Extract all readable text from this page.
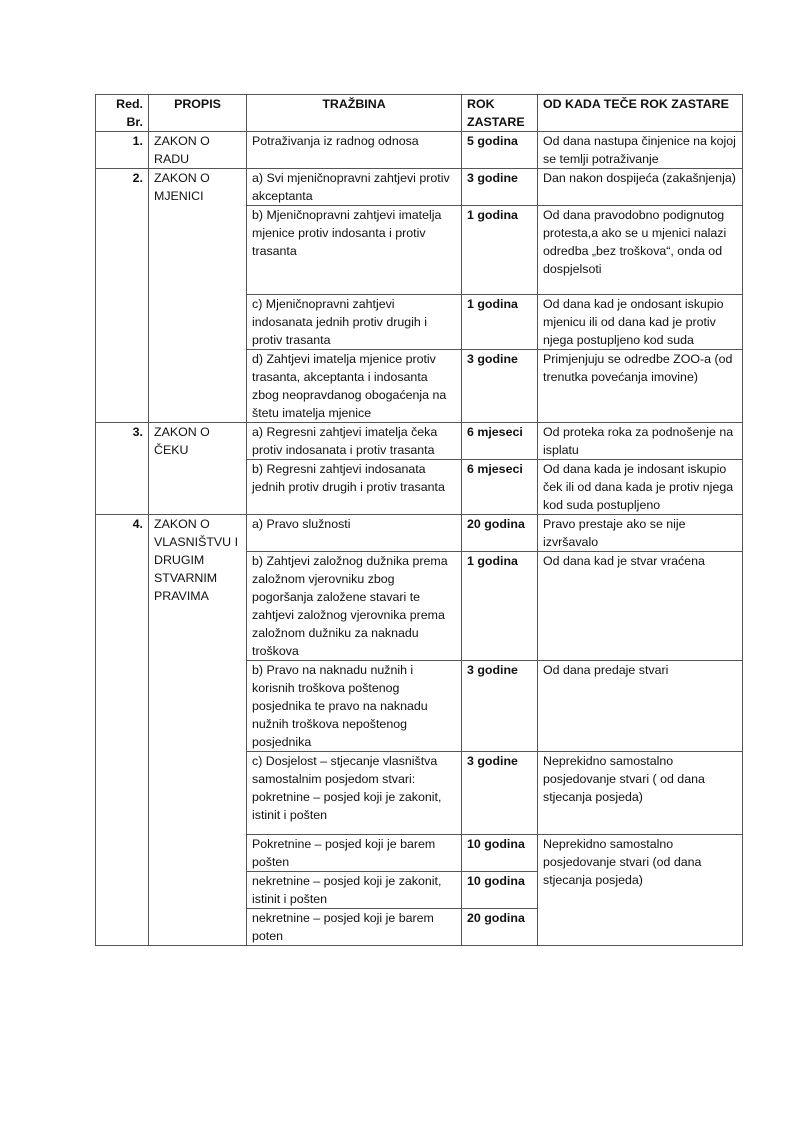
Red. Br.	PROPIS	TRAŽBINA	ROK ZASTARE	OD KADA TEČE ROK ZASTARE
1.	ZAKON O RADU	Potraživanja iz radnog odnosa	5 godina	Od dana nastupa činjenice na kojoj se temlji potraživanje
2.	ZAKON O MJENICI	a) Svi mjeničnopravni zahtjevi protiv akceptanta	3 godine	Dan nakon dospijeća (zakašnjenja)
		b) Mjeničnopravni zahtjevi imatelja mjenice protiv indosanta i protiv trasanta	1 godina	Od dana pravodobno podignutog protesta,a ako se u mjenici nalazi odredba „bez troškova“, onda od dospjelsoti
		c) Mjeničnopravni zahtjevi indosanata jednih protiv drugih i protiv trasanta	1 godina	Od dana kad je ondosant iskupio mjenicu ili od dana kad je protiv njega postupljeno kod suda
		d) Zahtjevi imatelja mjenice protiv trasanta, akceptanta i indosanta zbog neopravdanog obogaćenja na štetu imatelja mjenice	3 godine	Primjenjuju se odredbe ZOO-a (od trenutka povećanja imovine)
3.	ZAKON O ČEKU	a) Regresni zahtjevi imatelja čeka protiv indosanata i protiv trasanta	6 mjeseci	Od proteka roka za podnošenje na isplatu
		b) Regresni zahtjevi indosanata jednih protiv drugih i protiv trasanta	6 mjeseci	Od dana kada je indosant iskupio ček ili od dana kada je protiv njega kod suda postupljeno
4.	ZAKON O VLASNIŠTVU I DRUGIM STVARNIM PRAVIMA	a) Pravo služnosti	20 godina	Pravo prestaje ako se nije izvršavalo
		b) Zahtjevi založnog dužnika prema založnom vjerovniku zbog pogoršanja založene stavari te zahtjevi založnog vjerovnika prema založnom dužniku za naknadu troškova	1 godina	Od dana kad je stvar vraćena
		b) Pravo na naknadu nužnih i korisnih troškova poštenog posjednika te pravo na naknadu nužnih troškova nepoštenog posjednika	3 godine	Od dana predaje stvari
		c) Dosjelost – stjecanje vlasništva samostalnim posjedom stvari: pokretnine – posjed koji je zakonit, istinit i pošten	3 godine	Neprekidno samostalno posjedovanje stvari ( od dana stjecanja posjeda)
		Pokretnine – posjed koji je barem pošten	10 godina	Neprekidno samostalno posjedovanje stvari (od dana stjecanja posjeda)
		nekretnine – posjed koji je zakonit, istinit i pošten	10 godina	
		nekretnine – posjed koji je barem poten	20 godina	
